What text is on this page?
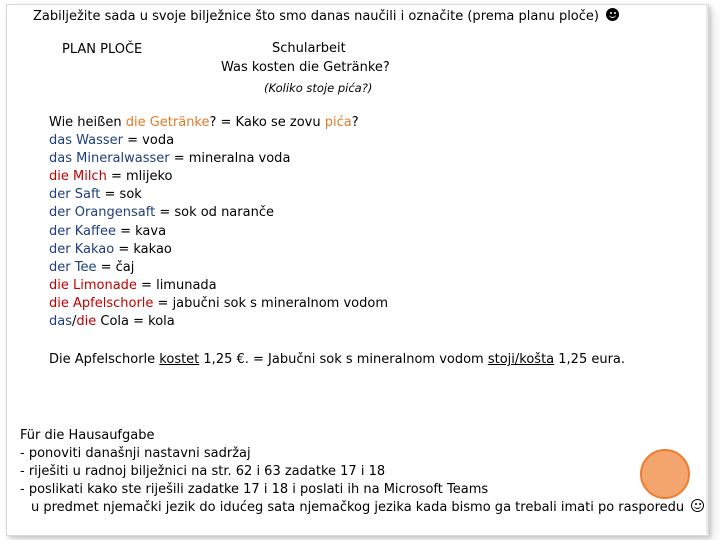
Zabilježite sada u svoje bilježnice što smo danas naučili i označite (prema planu ploče)
PLAN PLOČE	Schularbeit
Was kosten die Getränke?
(Koliko stoje pića?)
Wie heißen die Getränke? = Kako se zovu pića?
das Wasser = voda
das Mineralwasser = mineralna voda
die Milch = mlijeko
der Saft = sok
der Orangensaft = sok od naranče
der Kaffee = kava
der Kakao = kakao
der Tee = čaj
die Limonade = limunada
die Apfelschorle = jabučni sok s mineralnom vodom
das/die Cola = kola
Die Apfelschorle kostet 1,25 €. = Jabučni sok s mineralnom vodom stoji/košta 1,25 eura.
Für die Hausaufgabe
- ponoviti današnji nastavni sadržaj
- riješiti u radnoj bilježnici na str. 62 i 63 zadatke 17 i 18
- poslikati kako ste riješili zadatke 17 i 18 i poslati ih na Microsoft Teams
u predmet njemački jezik do idućeg sata njemačkog jezika kada bismo ga trebali imati po rasporedu
